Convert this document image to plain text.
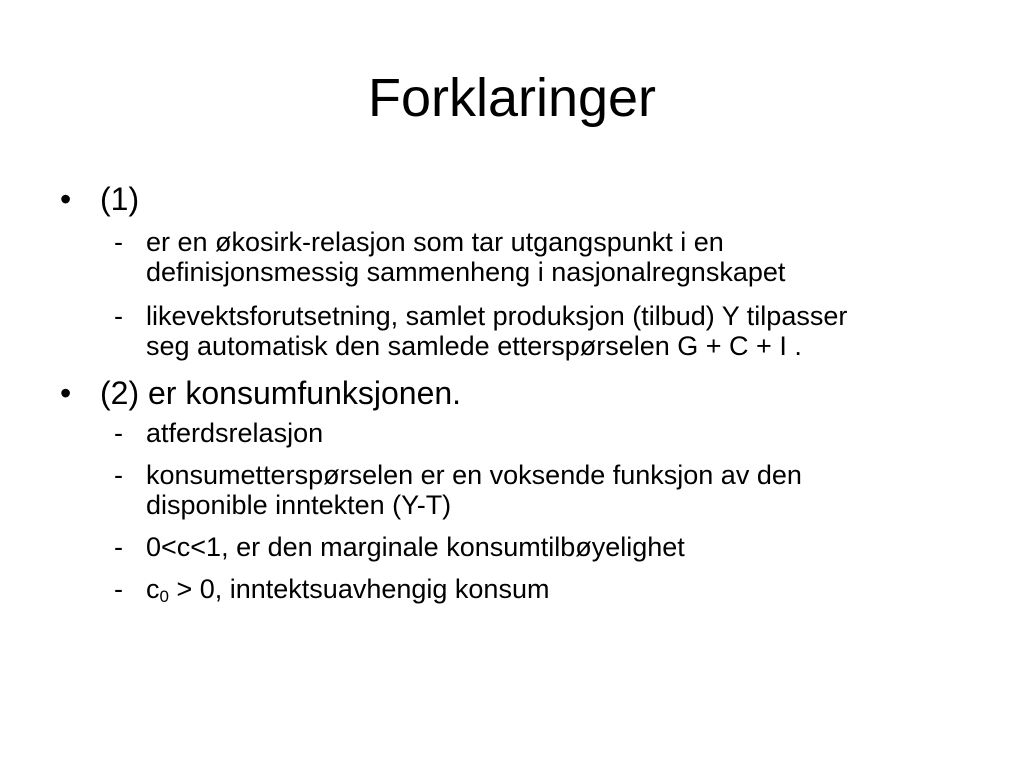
Forklaringer

• (1)

- er en økosirk-relasjon som tar utgangspunkt i en definisjonsmessig sammenheng i nasjonalregnskapet

- likevektsforutsetning, samlet produksjon (tilbud) Y tilpasser seg automatisk den samlede etterspørselen G + C + I .

• (2) er konsumfunksjonen.

- atferdsrelasjon

- konsumetterspørselen er en voksende funksjon av den disponible inntekten (Y-T)

- 0<c<1, er den marginale konsumtilbøyelighet

- $c_0 > 0$, inntektsuavhengig konsum
